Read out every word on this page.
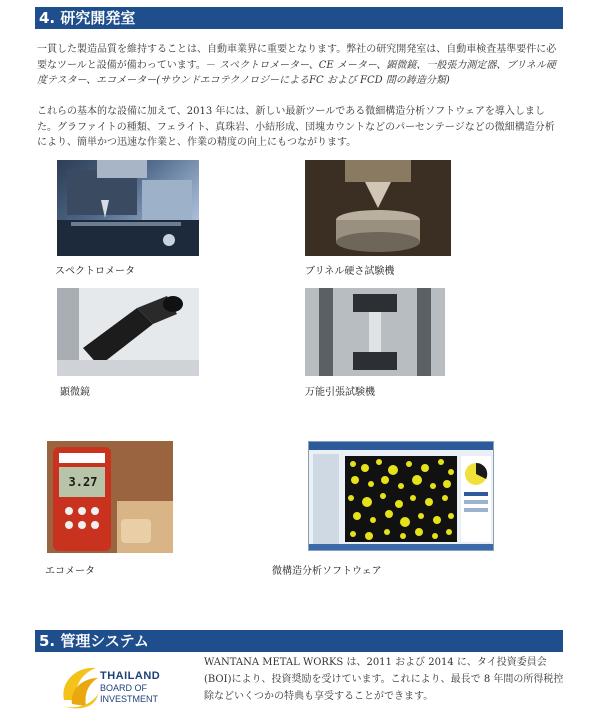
4. 研究開発室

一貫した製造品質を維持することは、自動車業界に重要となります。弊社の研究開発室は、自動車検査基準要件に必要なツールと設備が備わっています。－ スペクトロメーター、CE メーター、顕微鏡、一般張力測定器、ブリネル硬度テスター、エコメーター(サウンドエコテクノロジーによるFC および FCD 間の鋳造分類)

これらの基本的な設備に加えて、2013 年には、新しい最新ツールである微細構造分析ソフトウェアを導入しました。グラファイトの種類、フェライト、真珠岩、小結形成、団塊カウントなどのパーセンテージなどの微細構造分析により、簡単かつ迅速な作業と、作業の精度の向上にもつながります。

スペクトロメータ	ブリネル硬さ試験機
顕微鏡	万能引張試験機
3.27
エコメータ	微構造分析ソフトウェア
5. 管理システム
THAILAND
BOARD OF
INVESTMENT

WANTANA METAL WORKS は、2011 および 2014 に、タイ投資委員会 (BOI)により、投資奨励を受けています。これにより、最長で 8 年間の所得税控除などいくつかの特典も享受することができます。
